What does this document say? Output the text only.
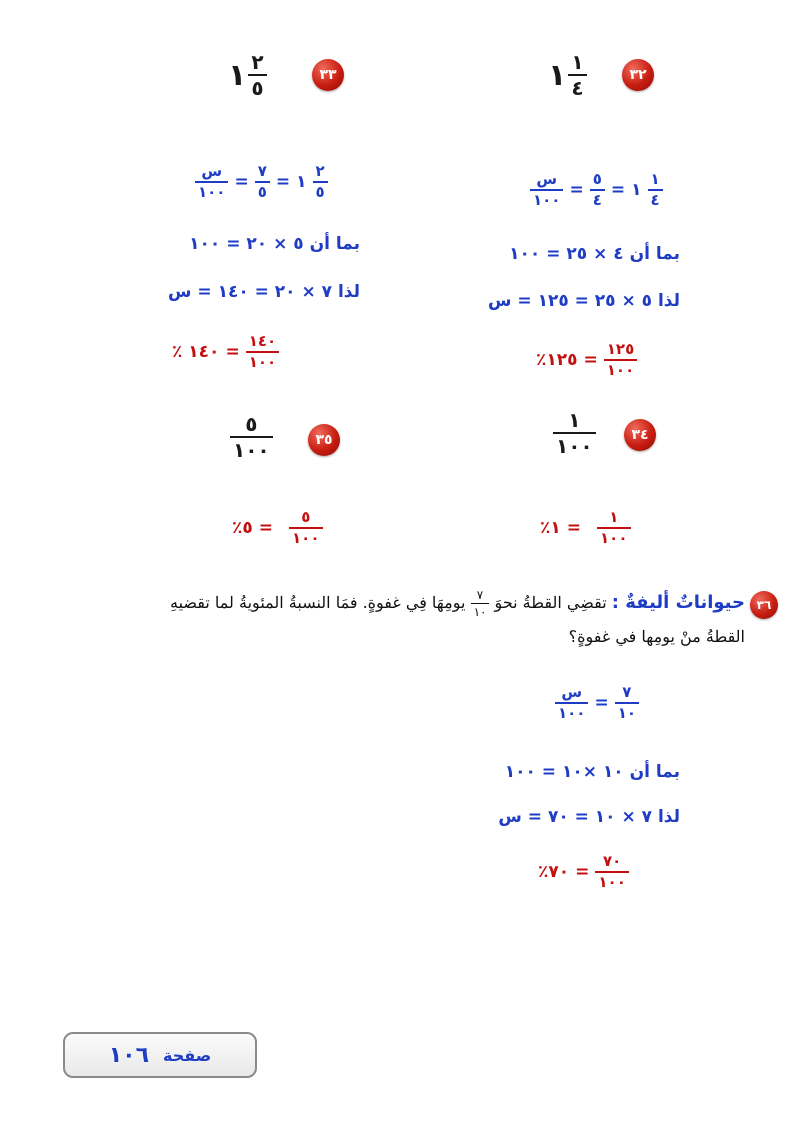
٣٣
١ $\frac{٢}{٥}$
$\frac{\text{س}}{١٠٠} = \frac{٧}{٥}$ = ١ $\frac{٢}{٥}$
بما أن ٥ × ٢٠ = ١٠٠
لذا ٧ × ٢٠ = ١٤٠ = س
٪ ١٤٠ = $\frac{١٤٠}{١٠٠}$
٣٢
١ $\frac{١}{٤}$
$\frac{\text{س}}{١٠٠} = \frac{٥}{٤}$ = ١ $\frac{١}{٤}$
بما أن ٤ × ٢٥ = ١٠٠
لذا ٥ × ٢٥ = ١٢٥ = س
٪١٢٥ = $\frac{١٢٥}{١٠٠}$
٣٥
$\frac{٥}{١٠٠}$
٪٥ = $\frac{٥}{١٠٠}$
٣٤
$\frac{١}{١٠٠}$
٪١ = $\frac{١}{١٠٠}$
٣٦
حيواناتٌ أليفةٌ : تقضِي القطةُ نحوَ
$\frac{٧}{١٠}$
يومِهَا فِي غفوةٍ. فمَا النسبةُ المئويةُ لما تقضيهِ
القطةُ منْ يومِها في غفوةٍ؟
$\frac{\text{س}}{١٠٠} = \frac{٧}{١٠}$
بما أن ١٠ ×١٠ = ١٠٠
لذا ٧ × ١٠ = ٧٠ = س
٪٧٠ = $\frac{٧٠}{١٠٠}$
صفحة
١٠٦
